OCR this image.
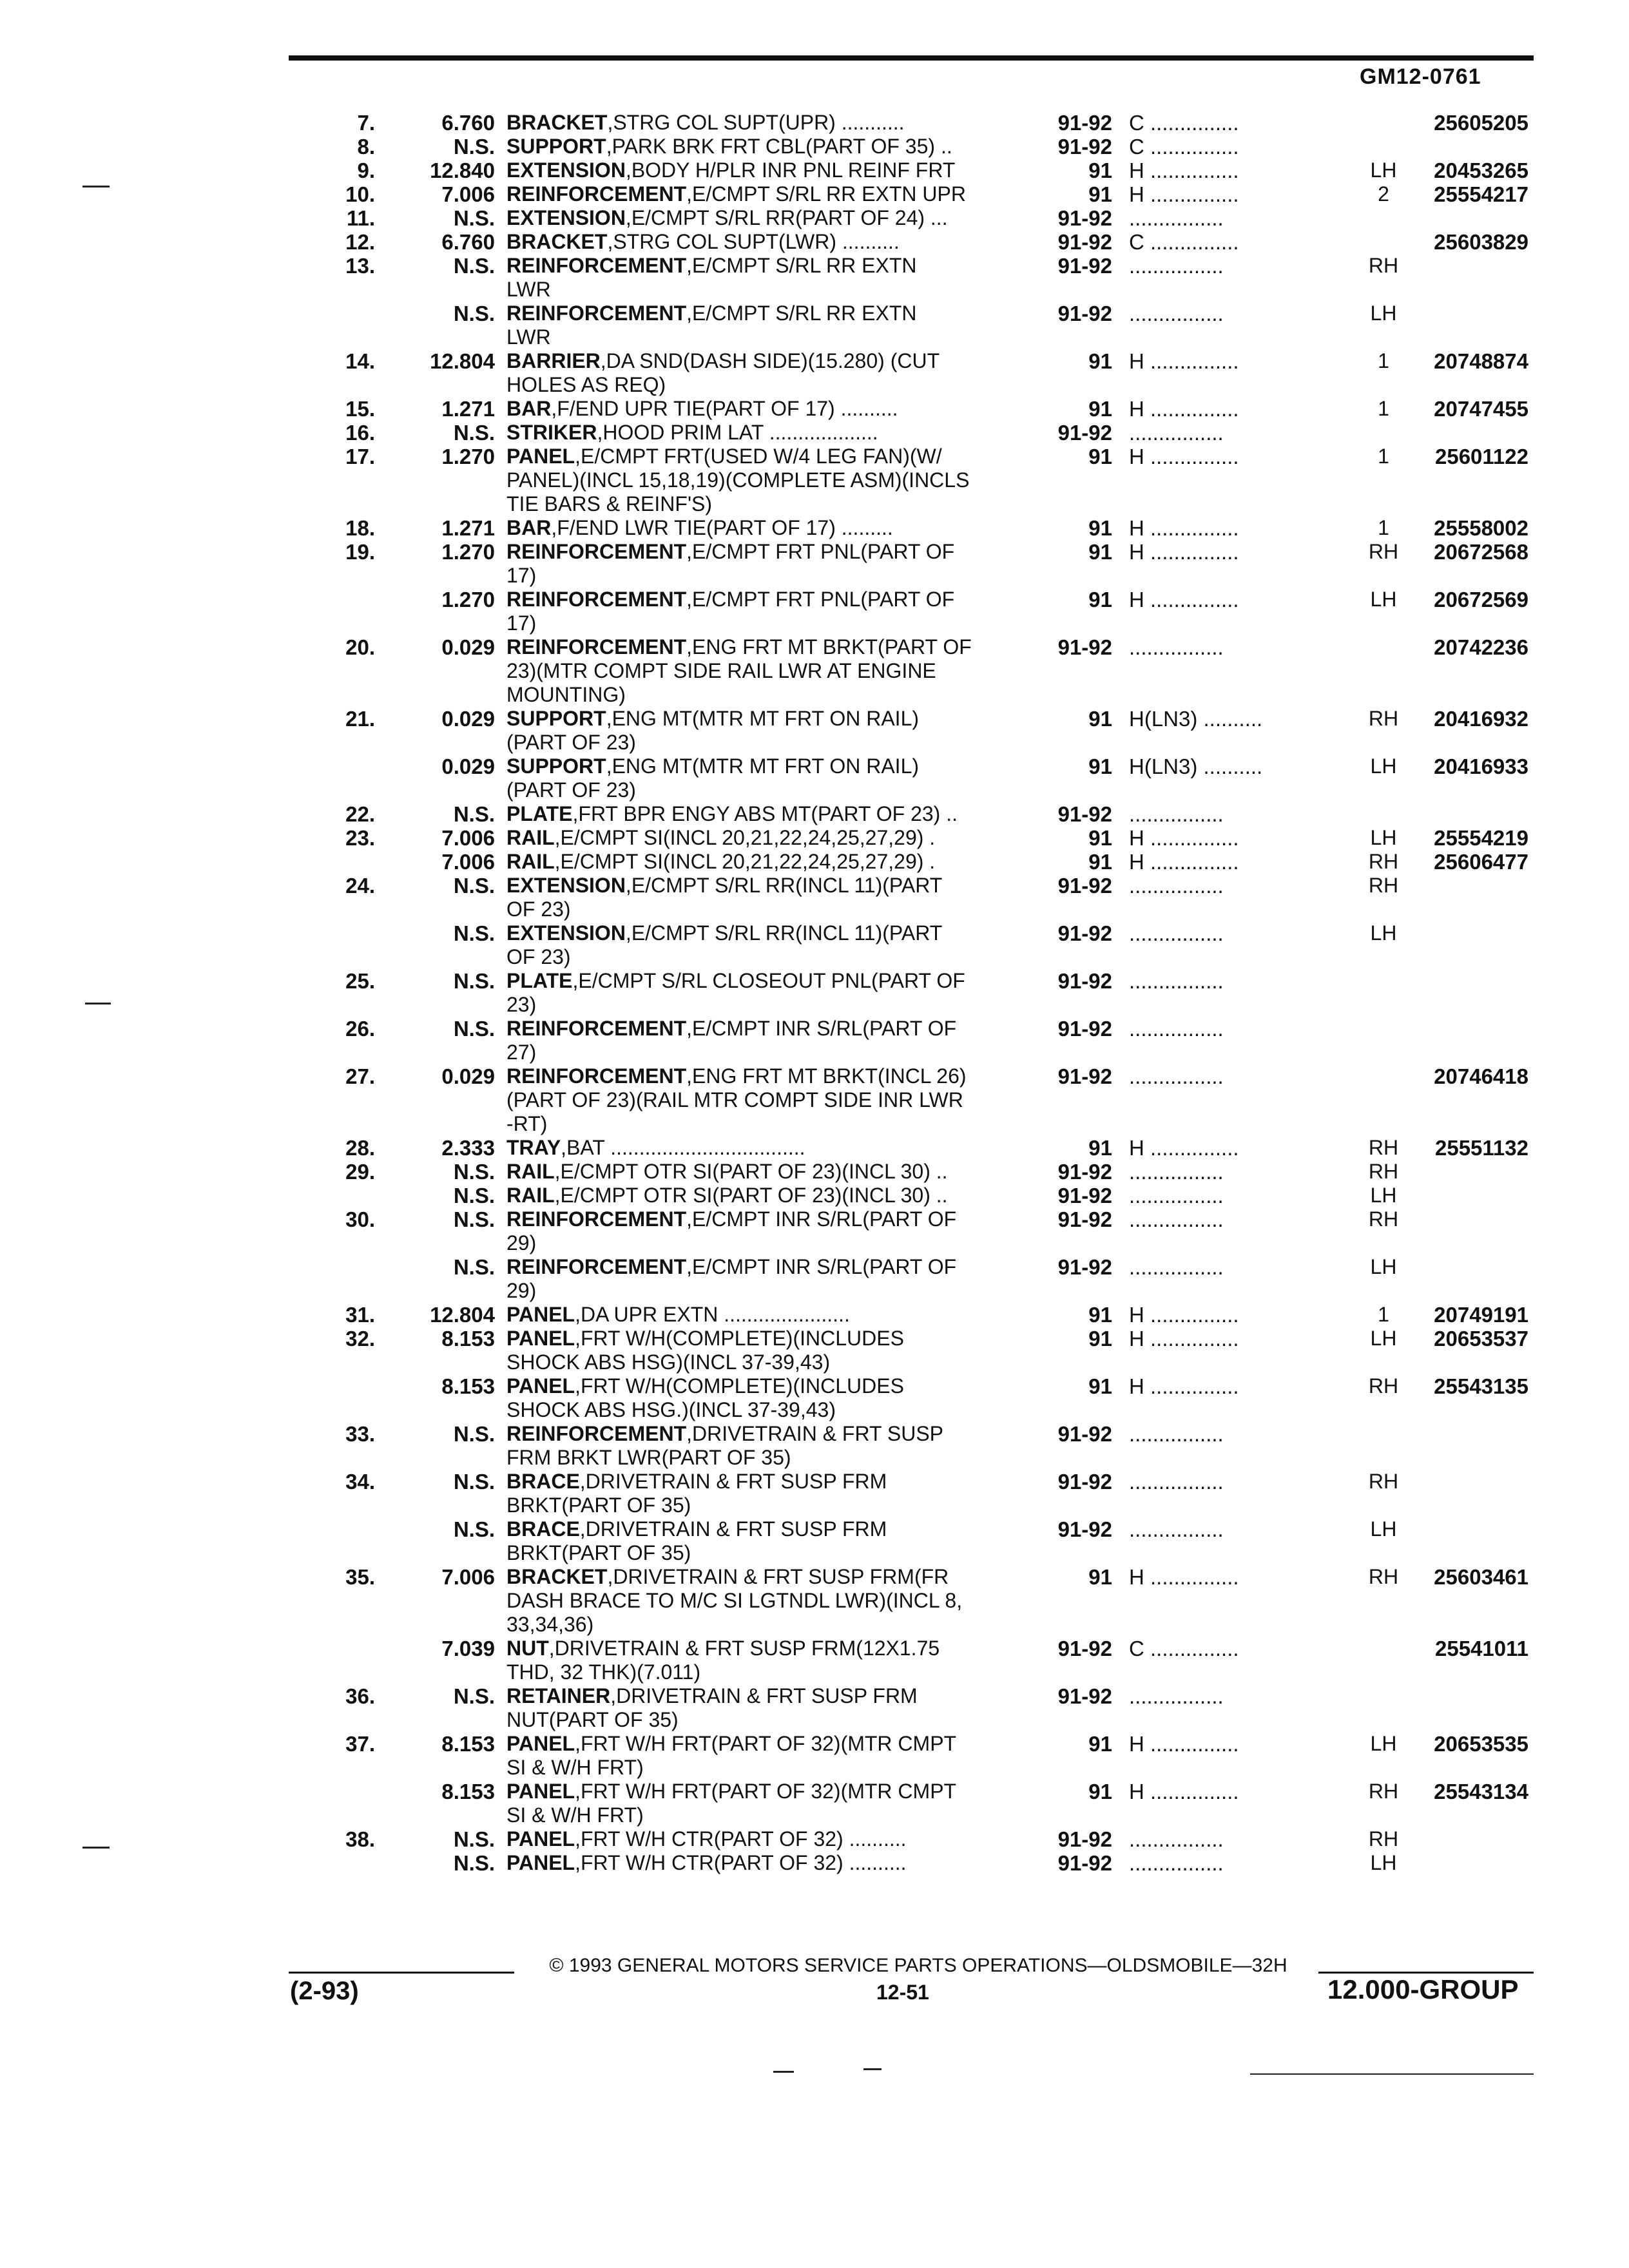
GM12-0761
7.	6.760	91-92 C ...............	25605205
BRACKET,STRG COL SUPT(UPR) ...........
8.	N.S.	91-92 C ...............
SUPPORT,PARK BRK FRT CBL(PART OF 35) ..
9.	12.840	91 H ...............	LH	20453265
EXTENSION,BODY H/PLR INR PNL REINF FRT
10.	7.006	91 H ...............	2	25554217
REINFORCEMENT,E/CMPT S/RL RR EXTN UPR
11.	N.S.	91-92 ................
EXTENSION,E/CMPT S/RL RR(PART OF 24) ...
12.	6.760	91-92 C ...............	25603829
BRACKET,STRG COL SUPT(LWR) ..........
13.	N.S.	91-92 ................	RH
REINFORCEMENT,E/CMPT S/RL RR EXTN
LWR
N.S.	91-92 ................	LH
REINFORCEMENT,E/CMPT S/RL RR EXTN
LWR
14.	12.804	91 H ...............	1	20748874
BARRIER,DA SND(DASH SIDE)(15.280) (CUT
HOLES AS REQ)
15.	1.271	91 H ...............	1	20747455
BAR,F/END UPR TIE(PART OF 17) ..........
16.	N.S.	91-92 ................
STRIKER,HOOD PRIM LAT ...................
17.	1.270	91 H ...............	1	25601122
PANEL,E/CMPT FRT(USED W/4 LEG FAN)(W/
PANEL)(INCL 15,18,19)(COMPLETE ASM)(INCLS
TIE BARS & REINF'S)
18.	1.271	91 H ...............	1	25558002
BAR,F/END LWR TIE(PART OF 17) .........
19.	1.270	91 H ...............	RH	20672568
REINFORCEMENT,E/CMPT FRT PNL(PART OF
17)
1.270	91 H ...............	LH	20672569
REINFORCEMENT,E/CMPT FRT PNL(PART OF
17)
20.	0.029	91-92 ................	20742236
REINFORCEMENT,ENG FRT MT BRKT(PART OF
23)(MTR COMPT SIDE RAIL LWR AT ENGINE
MOUNTING)
21.	0.029	91 H(LN3) ..........	RH	20416932
SUPPORT,ENG MT(MTR MT FRT ON RAIL)
(PART OF 23)
0.029	91 H(LN3) ..........	LH	20416933
SUPPORT,ENG MT(MTR MT FRT ON RAIL)
(PART OF 23)
22.	N.S.	91-92 ................
PLATE,FRT BPR ENGY ABS MT(PART OF 23) ..
23.	7.006	91 H ...............	LH	25554219
RAIL,E/CMPT SI(INCL 20,21,22,24,25,27,29) .
7.006	91 H ...............	RH	25606477
RAIL,E/CMPT SI(INCL 20,21,22,24,25,27,29) .
24.	N.S.	91-92 ................	RH
EXTENSION,E/CMPT S/RL RR(INCL 11)(PART
OF 23)
N.S.	91-92 ................	LH
EXTENSION,E/CMPT S/RL RR(INCL 11)(PART
OF 23)
25.	N.S.	91-92 ................
PLATE,E/CMPT S/RL CLOSEOUT PNL(PART OF
23)
26.	N.S.	91-92 ................
REINFORCEMENT,E/CMPT INR S/RL(PART OF
27)
27.	0.029	91-92 ................	20746418
REINFORCEMENT,ENG FRT MT BRKT(INCL 26)
(PART OF 23)(RAIL MTR COMPT SIDE INR LWR
-RT)
28.	2.333	91 H ...............	RH	25551132
TRAY,BAT ..................................
29.	N.S.	91-92 ................	RH
RAIL,E/CMPT OTR SI(PART OF 23)(INCL 30) ..
N.S.	91-92 ................	LH
RAIL,E/CMPT OTR SI(PART OF 23)(INCL 30) ..
30.	N.S.	91-92 ................	RH
REINFORCEMENT,E/CMPT INR S/RL(PART OF
29)
N.S.	91-92 ................	LH
REINFORCEMENT,E/CMPT INR S/RL(PART OF
29)
31.	12.804	91 H ...............	1	20749191
PANEL,DA UPR EXTN ......................
32.	8.153	91 H ...............	LH	20653537
PANEL,FRT W/H(COMPLETE)(INCLUDES
SHOCK ABS HSG)(INCL 37-39,43)
8.153	91 H ...............	RH	25543135
PANEL,FRT W/H(COMPLETE)(INCLUDES
SHOCK ABS HSG.)(INCL 37-39,43)
33.	N.S.	91-92 ................
REINFORCEMENT,DRIVETRAIN & FRT SUSP
FRM BRKT LWR(PART OF 35)
34.	N.S.	91-92 ................	RH
BRACE,DRIVETRAIN & FRT SUSP FRM
BRKT(PART OF 35)
N.S.	91-92 ................	LH
BRACE,DRIVETRAIN & FRT SUSP FRM
BRKT(PART OF 35)
35.	7.006	91 H ...............	RH	25603461
BRACKET,DRIVETRAIN & FRT SUSP FRM(FR
DASH BRACE TO M/C SI LGTNDL LWR)(INCL 8,
33,34,36)
7.039	91-92 C ...............	25541011
NUT,DRIVETRAIN & FRT SUSP FRM(12X1.75
THD, 32 THK)(7.011)
36.	N.S.	91-92 ................
RETAINER,DRIVETRAIN & FRT SUSP FRM
NUT(PART OF 35)
37.	8.153	91 H ...............	LH	20653535
PANEL,FRT W/H FRT(PART OF 32)(MTR CMPT
SI & W/H FRT)
8.153	91 H ...............	RH	25543134
PANEL,FRT W/H FRT(PART OF 32)(MTR CMPT
SI & W/H FRT)
38.	N.S.	91-92 ................	RH
PANEL,FRT W/H CTR(PART OF 32) ..........
N.S.	91-92 ................	LH
PANEL,FRT W/H CTR(PART OF 32) ..........
© 1993 GENERAL MOTORS SERVICE PARTS OPERATIONS—OLDSMOBILE—32H
(2-93)	12-51	12.000-GROUP
